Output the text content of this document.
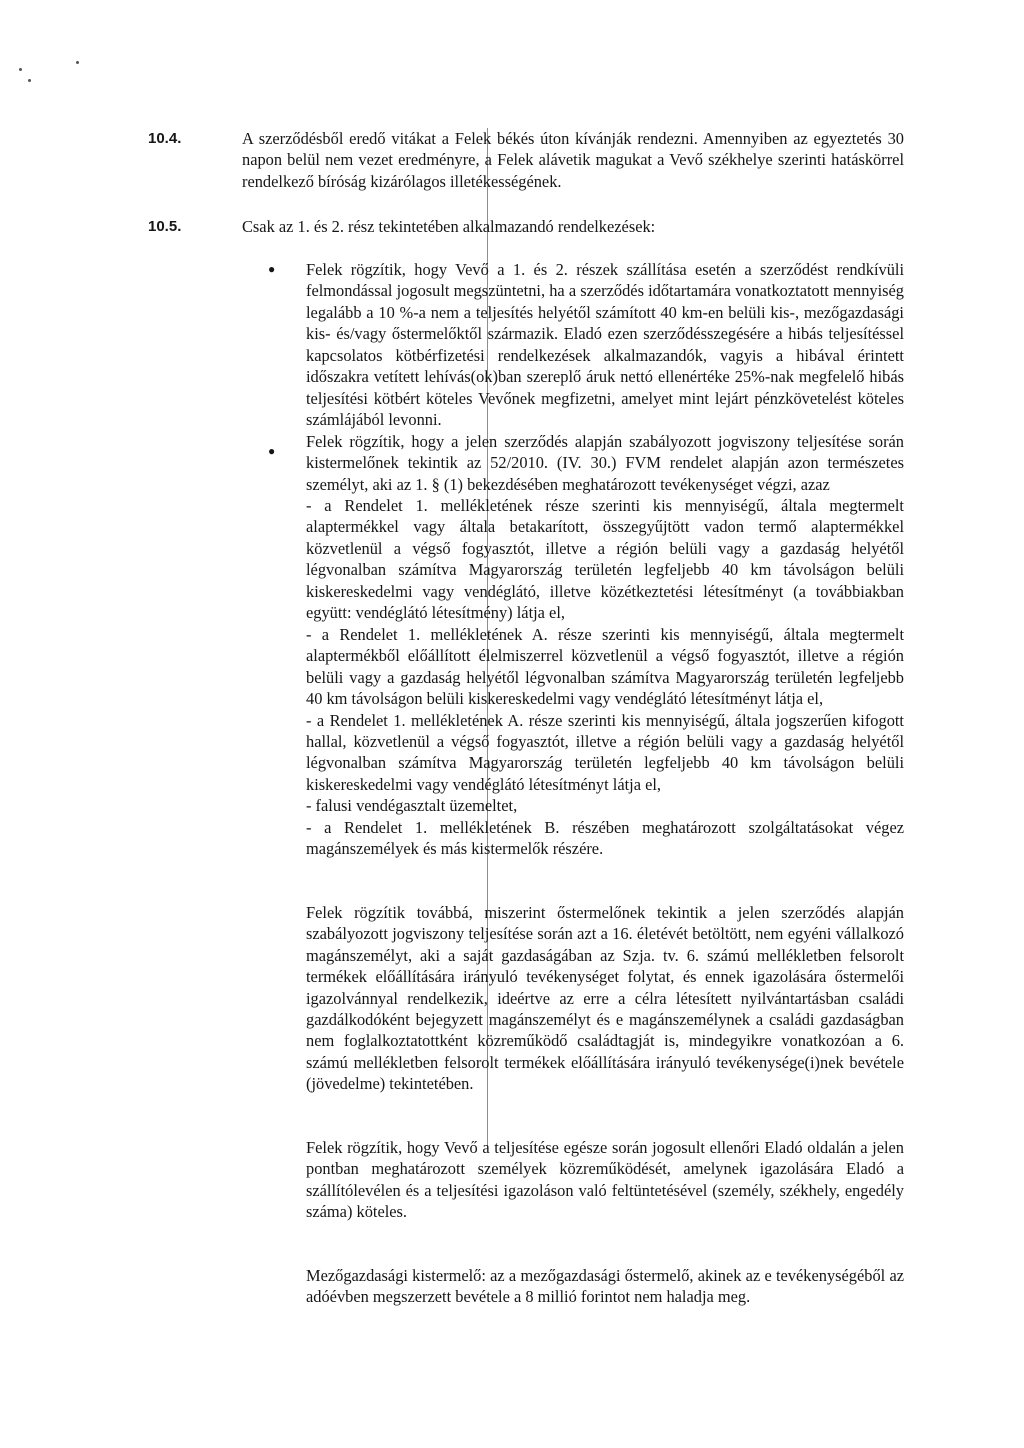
10.4.	A szerződésből eredő vitákat a Felek békés úton kívánják rendezni. Amennyiben az egyeztetés 30 napon belül nem vezet eredményre, a Felek alávetik magukat a Vevő székhelye szerinti hatáskörrel rendelkező bíróság kizárólagos illetékességének.
10.5.	Csak az 1. és 2. rész tekintetében alkalmazandó rendelkezések:
●
●

Felek rögzítik, hogy Vevő a 1. és 2. részek szállítása esetén a szerződést rendkívüli felmondással jogosult megszüntetni, ha a szerződés időtartamára vonatkoztatott mennyiség legalább a 10 %-a nem a teljesítés helyétől számított 40 km-en belüli kis-, mezőgazdasági kis- és/vagy őstermelőktől származik. Eladó ezen szerződésszegésére a hibás teljesítéssel kapcsolatos kötbérfizetési rendelkezések alkalmazandók, vagyis a hibával érintett időszakra vetített lehívás(ok)ban szereplő áruk nettó ellenértéke 25%-nak megfelelő hibás teljesítési kötbért köteles Vevőnek megfizetni, amelyet mint lejárt pénzkövetelést köteles számlájából levonni.

Felek rögzítik, hogy a jelen szerződés alapján szabályozott jogviszony teljesítése során kistermelőnek tekintik az 52/2010. (IV. 30.) FVM rendelet alapján azon természetes személyt, aki az 1. § (1) bekezdésében meghatározott tevékenységet végzi, azaz

- a Rendelet 1. mellékletének része szerinti kis mennyiségű, általa megtermelt alaptermékkel vagy általa betakarított, összegyűjtött vadon termő alaptermékkel közvetlenül a végső fogyasztót, illetve a régión belüli vagy a gazdaság helyétől légvonalban számítva Magyarország területén legfeljebb 40 km távolságon belüli kiskereskedelmi vagy vendéglátó, illetve közétkeztetési létesítményt (a továbbiakban együtt: vendéglátó létesítmény) látja el,

- a Rendelet 1. mellékletének A. része szerinti kis mennyiségű, általa megtermelt alaptermékből előállított élelmiszerrel közvetlenül a végső fogyasztót, illetve a régión belüli vagy a gazdaság helyétől légvonalban számítva Magyarország területén legfeljebb 40 km távolságon belüli kiskereskedelmi vagy vendéglátó létesítményt látja el,

- a Rendelet 1. mellékletének A. része szerinti kis mennyiségű, általa jogszerűen kifogott hallal, közvetlenül a végső fogyasztót, illetve a régión belüli vagy a gazdaság helyétől légvonalban számítva Magyarország területén legfeljebb 40 km távolságon belüli kiskereskedelmi vagy vendéglátó létesítményt látja el,

- falusi vendégasztalt üzemeltet,

- a Rendelet 1. mellékletének B. részében meghatározott szolgáltatásokat végez magánszemélyek és más kistermelők részére.

Felek rögzítik továbbá, miszerint őstermelőnek tekintik a jelen szerződés alapján szabályozott jogviszony teljesítése során azt a 16. életévét betöltött, nem egyéni vállalkozó magánszemélyt, aki a saját gazdaságában az Szja. tv. 6. számú mellékletben felsorolt termékek előállítására irányuló tevékenységet folytat, és ennek igazolására őstermelői igazolvánnyal rendelkezik, ideértve az erre a célra létesített nyilvántartásban családi gazdálkodóként bejegyzett magánszemélyt és e magánszemélynek a családi gazdaságban nem foglalkoztatottként közreműködő családtagját is, mindegyikre vonatkozóan a 6. számú mellékletben felsorolt termékek előállítására irányuló tevékenysége(i)nek bevétele (jövedelme) tekintetében.

Felek rögzítik, hogy Vevő a teljesítése egésze során jogosult ellenőri Eladó oldalán a jelen pontban meghatározott személyek közreműködését, amelynek igazolására Eladó a szállítólevélen és a teljesítési igazoláson való feltüntetésével (személy, székhely, engedély száma) köteles.

Mezőgazdasági kistermelő: az a mezőgazdasági őstermelő, akinek az e tevékenységéből az adóévben megszerzett bevétele a 8 millió forintot nem haladja meg.
